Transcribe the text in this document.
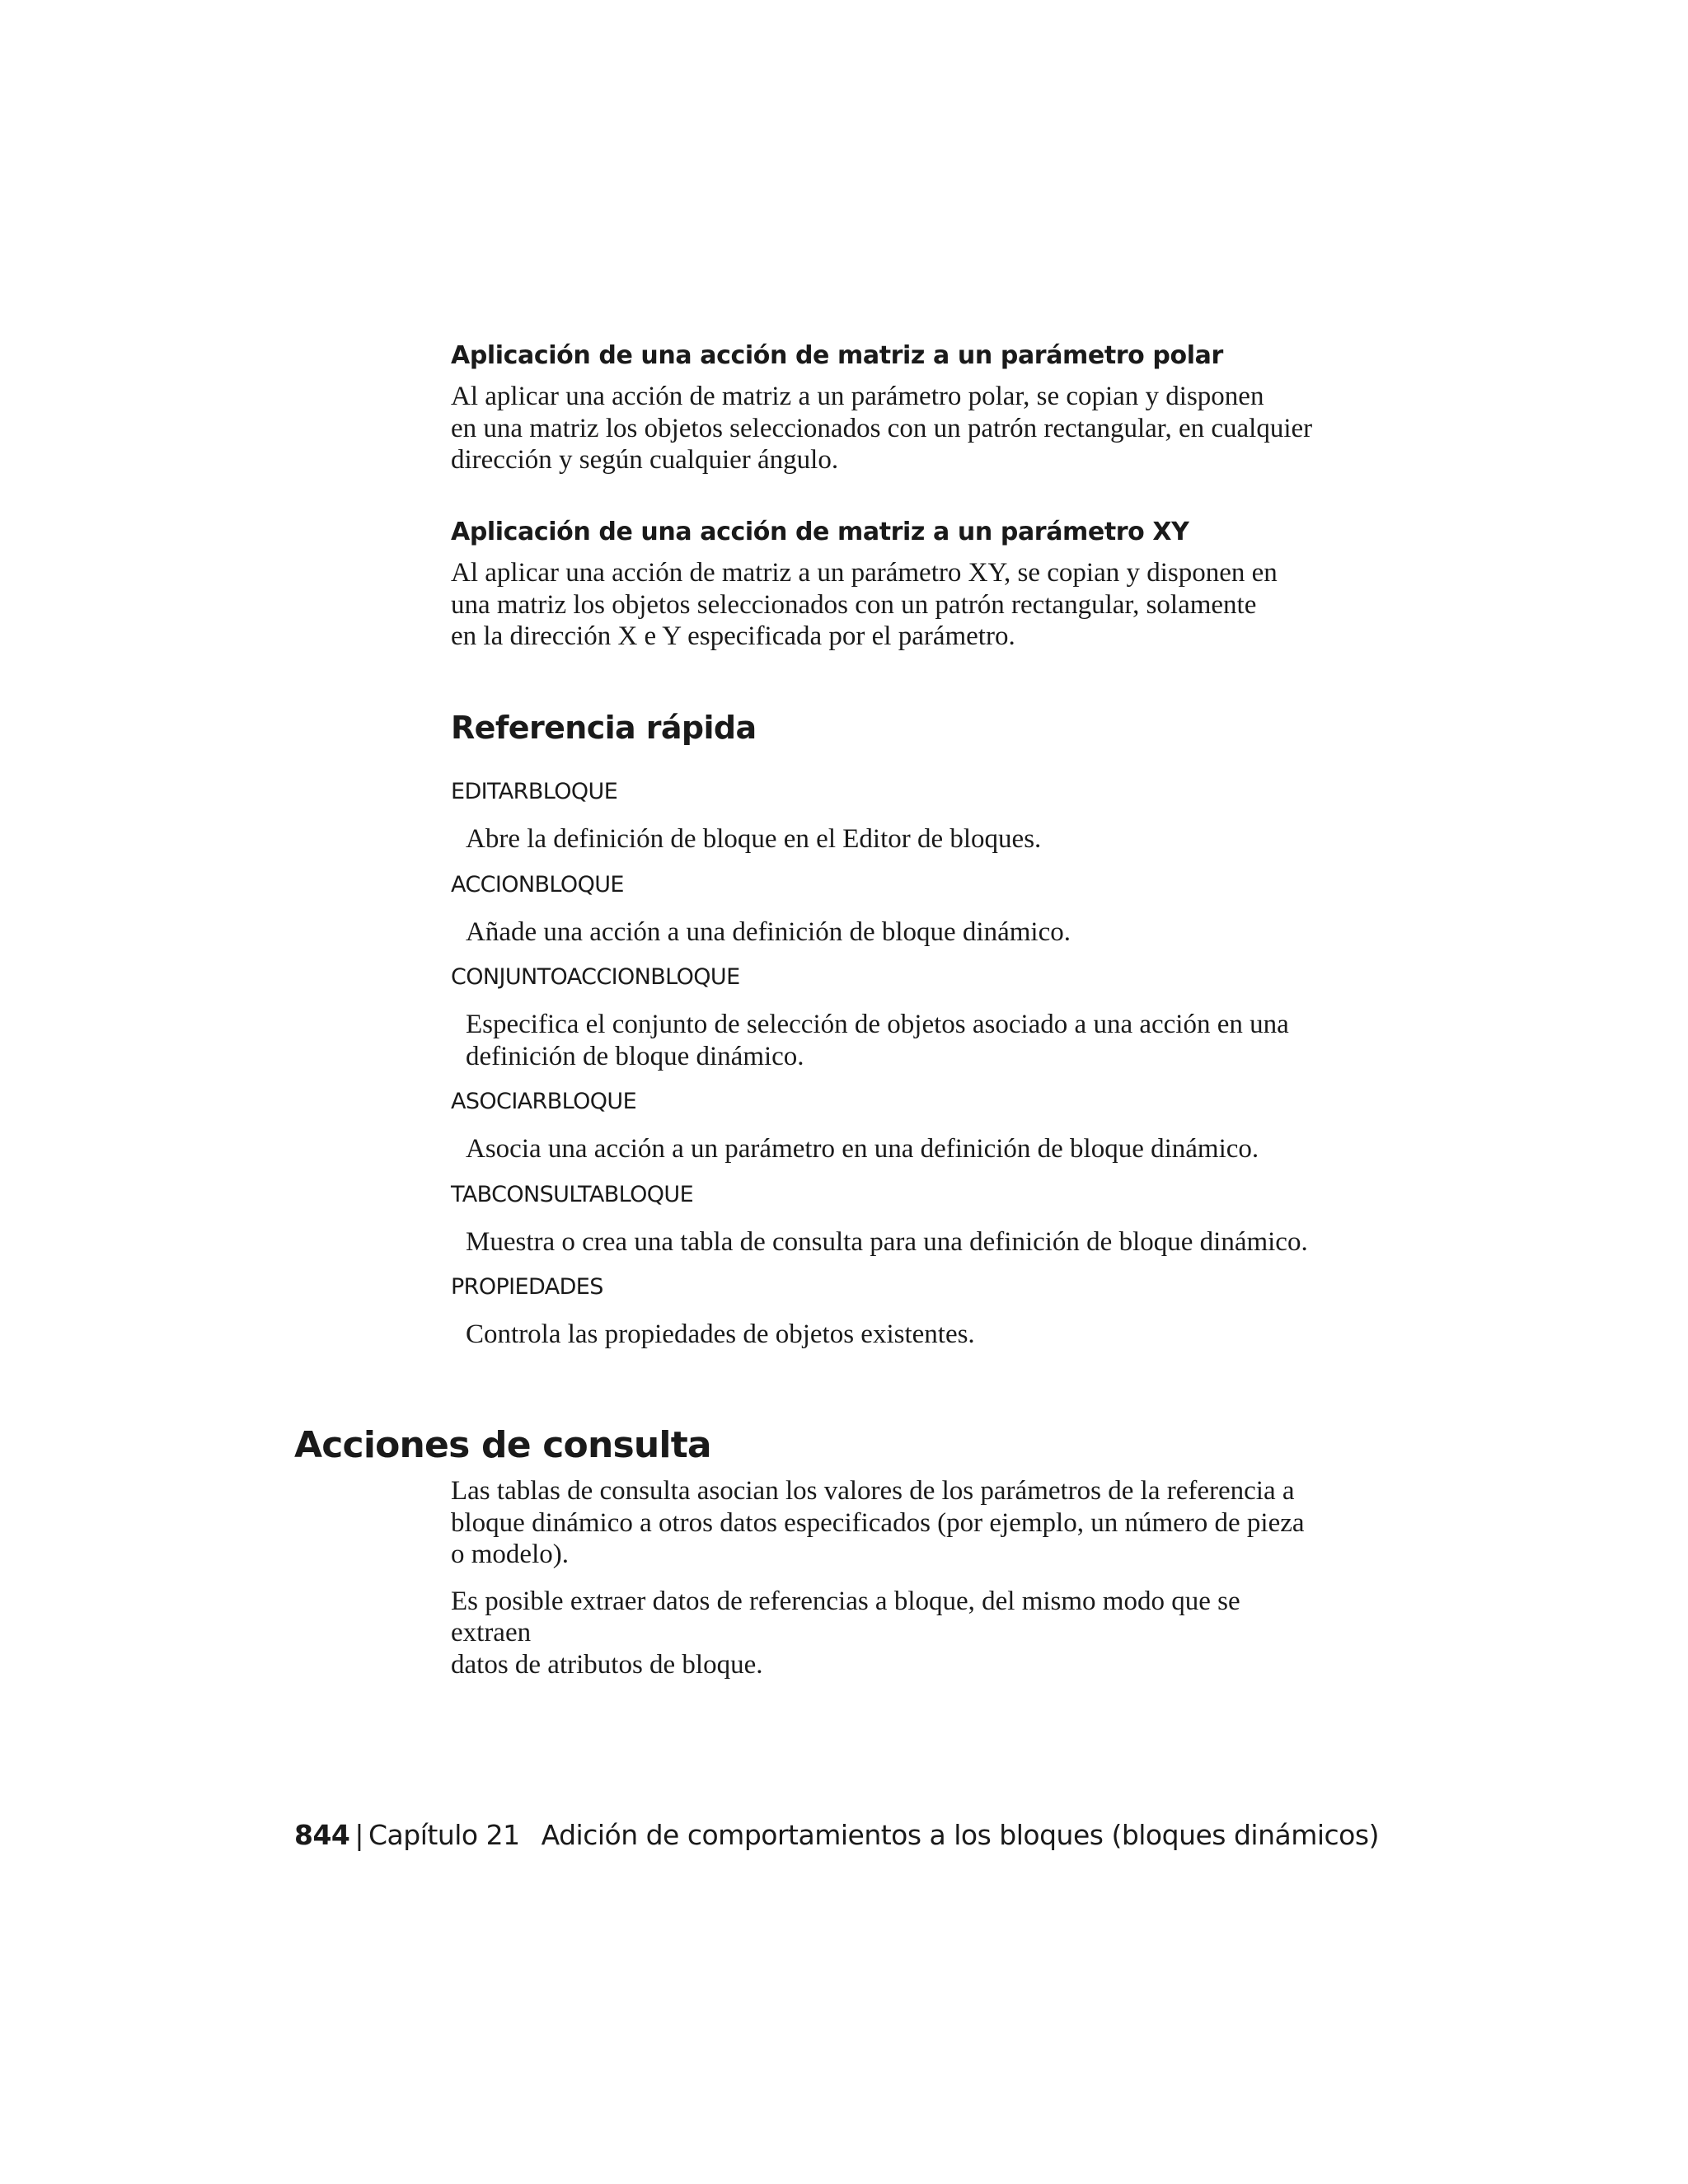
Aplicación de una acción de matriz a un parámetro polar

Al aplicar una acción de matriz a un parámetro polar, se copian y disponen

en una matriz los objetos seleccionados con un patrón rectangular, en cualquier

dirección y según cualquier ángulo.

Aplicación de una acción de matriz a un parámetro XY

Al aplicar una acción de matriz a un parámetro XY, se copian y disponen en

una matriz los objetos seleccionados con un patrón rectangular, solamente

en la dirección X e Y especificada por el parámetro.

Referencia rápida

EDITARBLOQUE

Abre la definición de bloque en el Editor de bloques.

ACCIONBLOQUE

Añade una acción a una definición de bloque dinámico.

CONJUNTOACCIONBLOQUE

Especifica el conjunto de selección de objetos asociado a una acción en una

definición de bloque dinámico.

ASOCIARBLOQUE

Asocia una acción a un parámetro en una definición de bloque dinámico.

TABCONSULTABLOQUE

Muestra o crea una tabla de consulta para una definición de bloque dinámico.

PROPIEDADES

Controla las propiedades de objetos existentes.

Acciones de consulta

Las tablas de consulta asocian los valores de los parámetros de la referencia a

bloque dinámico a otros datos especificados (por ejemplo, un número de pieza

o modelo).

Es posible extraer datos de referencias a bloque, del mismo modo que se extraen

datos de atributos de bloque.

844 | Capítulo 21 Adición de comportamientos a los bloques (bloques dinámicos)
